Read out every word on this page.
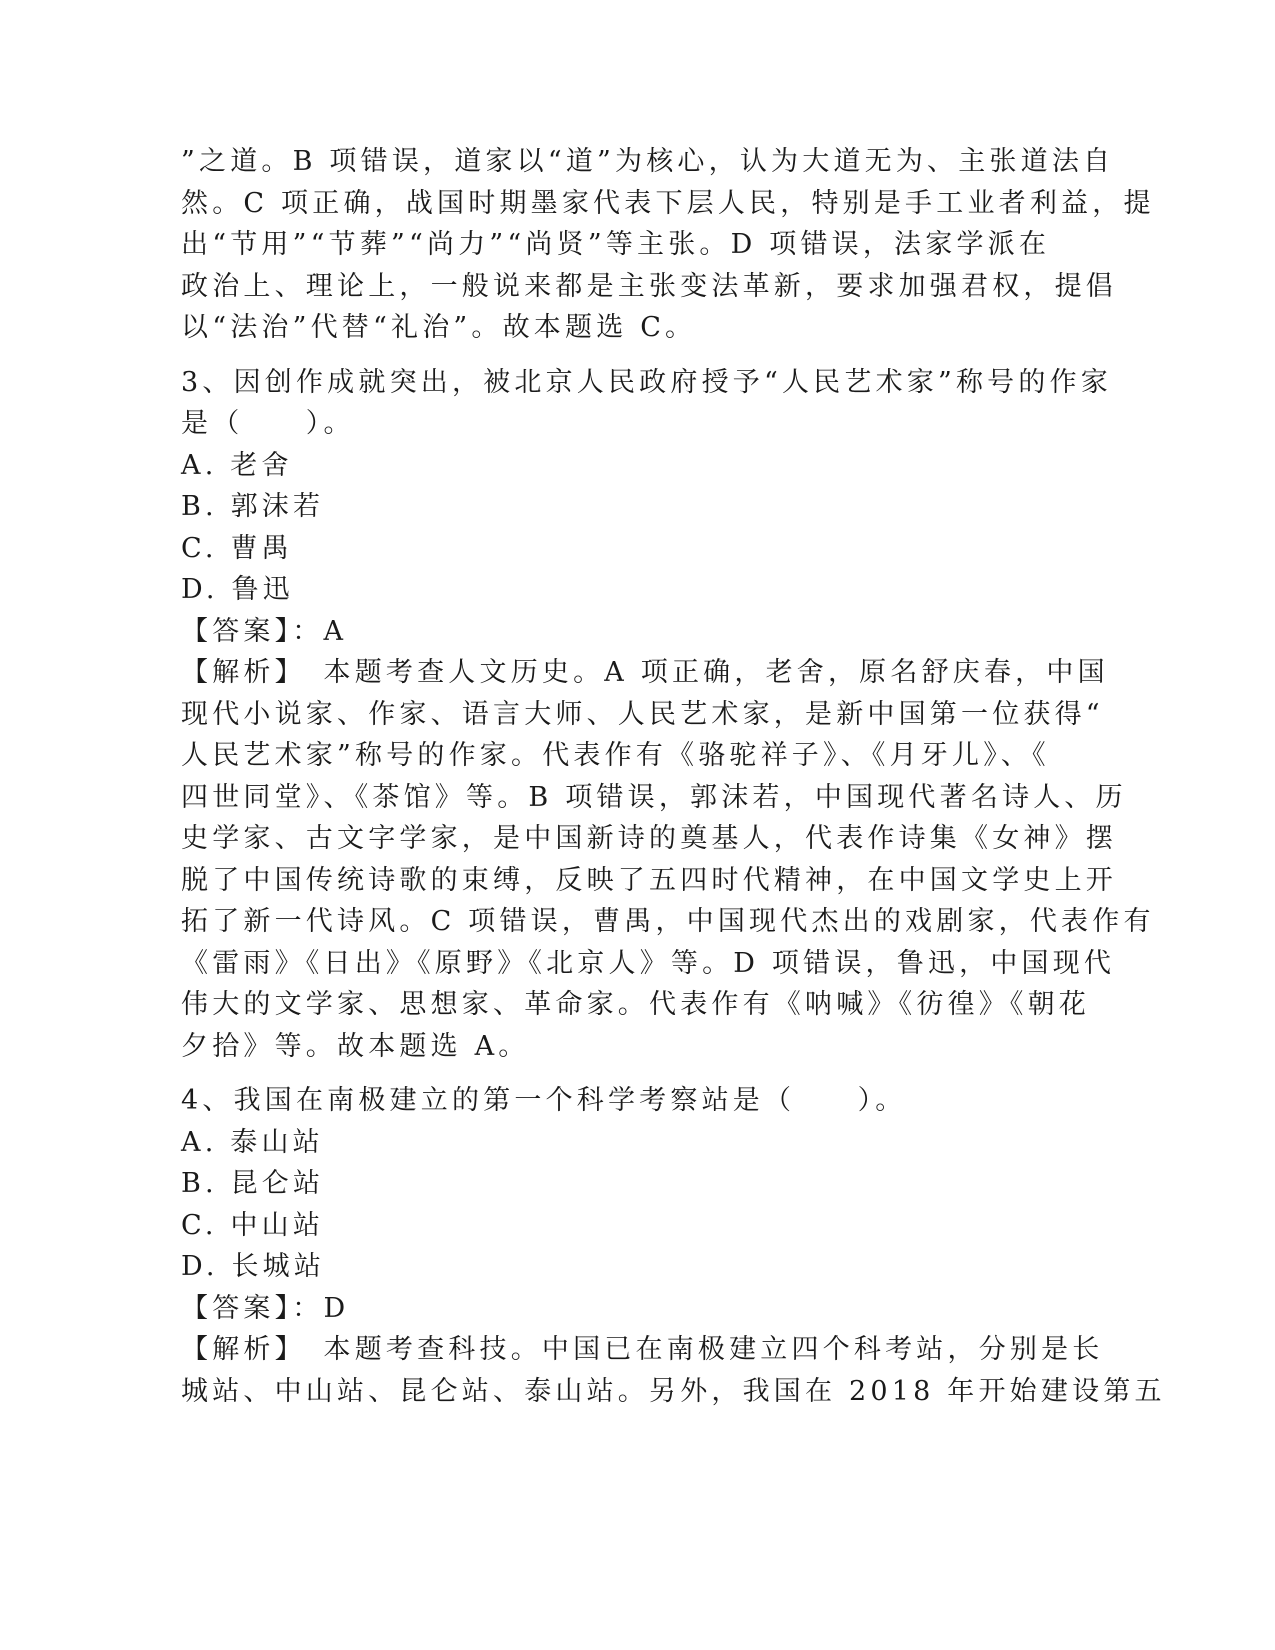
”之道。B 项错误，道家以“道”为核心，认为大道无为、主张道法自
然。C 项正确，战国时期墨家代表下层人民，特别是手工业者利益，提
出“节用”“节葬”“尚力”“尚贤”等主张。D 项错误，法家学派在
政治上、理论上，一般说来都是主张变法革新，要求加强君权，提倡
以“法治”代替“礼治”。故本题选 C。
3、因创作成就突出，被北京人民政府授予“人民艺术家”称号的作家
是（　　）。
A. 老舍
B. 郭沫若
C. 曹禺
D. 鲁迅
【答案】：A
【解析】　本题考查人文历史。A 项正确，老舍，原名舒庆春，中国
现代小说家、作家、语言大师、人民艺术家，是新中国第一位获得“
人民艺术家”称号的作家。代表作有《骆驼祥子》、《月牙儿》、《
四世同堂》、《茶馆》等。B 项错误，郭沫若，中国现代著名诗人、历
史学家、古文字学家，是中国新诗的奠基人，代表作诗集《女神》摆
脱了中国传统诗歌的束缚，反映了五四时代精神，在中国文学史上开
拓了新一代诗风。C 项错误，曹禺，中国现代杰出的戏剧家，代表作有
《雷雨》《日出》《原野》《北京人》等。D 项错误，鲁迅，中国现代
伟大的文学家、思想家、革命家。代表作有《呐喊》《彷徨》《朝花
夕拾》等。故本题选 A。
4、我国在南极建立的第一个科学考察站是（　　）。
A. 泰山站
B. 昆仑站
C. 中山站
D. 长城站
【答案】：D
【解析】　本题考查科技。中国已在南极建立四个科考站，分别是长
城站、中山站、昆仑站、泰山站。另外，我国在 2018 年开始建设第五
